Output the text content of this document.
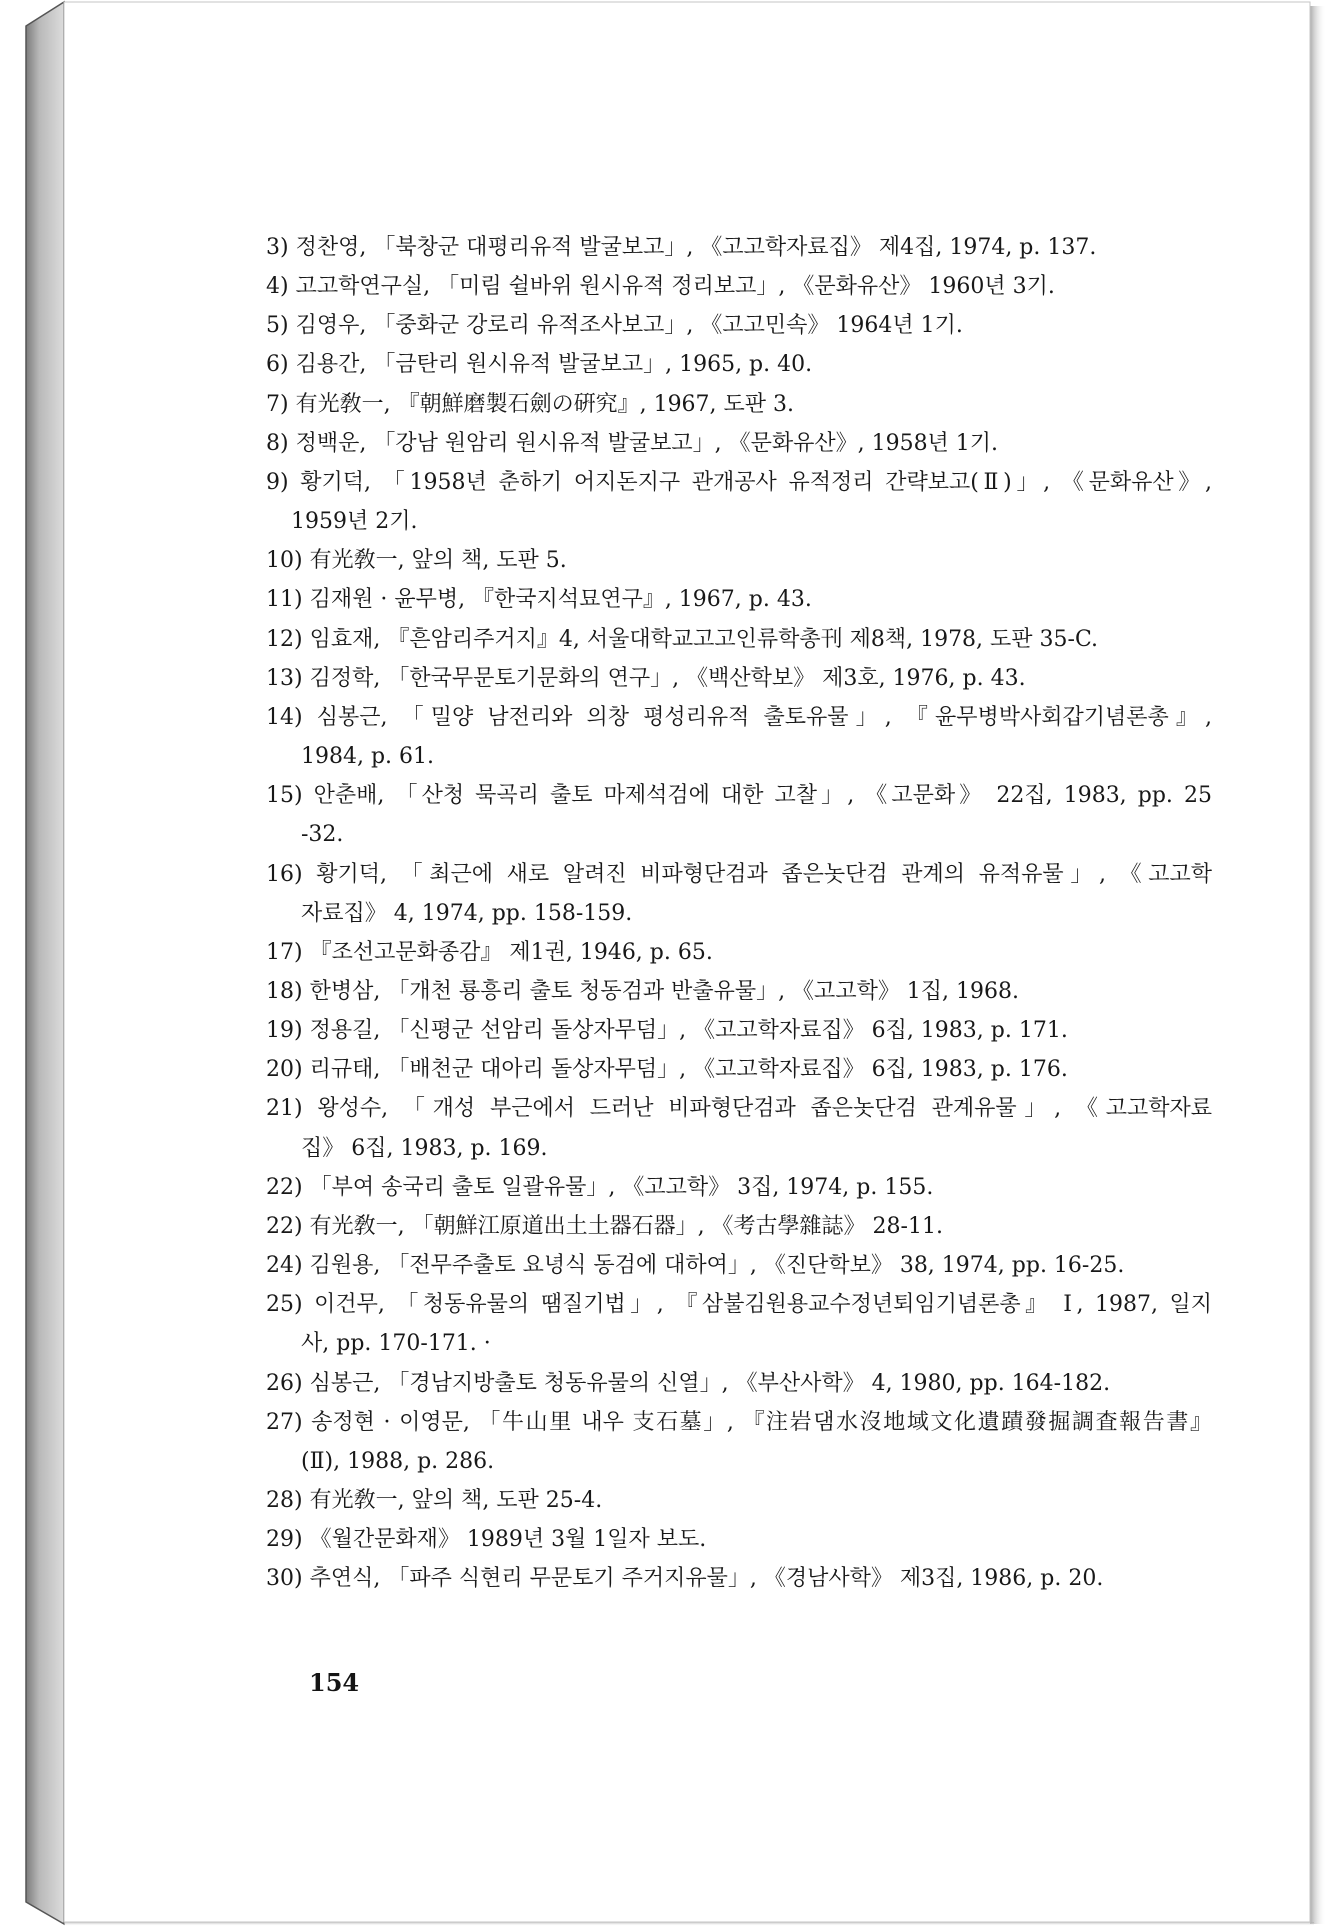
3) 정찬영, 「북창군 대평리유적 발굴보고」, 《고고학자료집》 제4집, 1974, p. 137.
4) 고고학연구실, 「미림 쉴바위 원시유적 정리보고」, 《문화유산》 1960년 3기.
5) 김영우, 「중화군 강로리 유적조사보고」, 《고고민속》 1964년 1기.
6) 김용간, 「금탄리 원시유적 발굴보고」, 1965, p. 40.
7) 有光敎一, 『朝鮮磨製石劍の硏究』, 1967, 도판 3.
8) 정백운, 「강남 원암리 원시유적 발굴보고」, 《문화유산》, 1958년 1기.
9) 황기덕, 「1958년 춘하기 어지돈지구 관개공사 유적정리 간략보고(Ⅱ)」, 《문화유산》,
1959년 2기.
10) 有光敎一, 앞의 책, 도판 5.
11) 김재원 · 윤무병, 『한국지석묘연구』, 1967, p. 43.
12) 임효재, 『흔암리주거지』4, 서울대학교고고인류학총刊 제8책, 1978, 도판 35-C.
13) 김정학, 「한국무문토기문화의 연구」, 《백산학보》 제3호, 1976, p. 43.
14) 심봉근, 「밀양 남전리와 의창 평성리유적 출토유물」, 『윤무병박사회갑기념론총』,
1984, p. 61.
15) 안춘배, 「산청 묵곡리 출토 마제석검에 대한 고찰」, 《고문화》 22집, 1983, pp. 25
-32.
16) 황기덕, 「최근에 새로 알려진 비파형단검과 좁은놋단검 관계의 유적유물」, 《고고학
자료집》 4, 1974, pp. 158-159.
17) 『조선고문화종감』 제1권, 1946, p. 65.
18) 한병삼, 「개천 룡흥리 출토 청동검과 반출유물」, 《고고학》 1집, 1968.
19) 정용길, 「신평군 선암리 돌상자무덤」, 《고고학자료집》 6집, 1983, p. 171.
20) 리규태, 「배천군 대아리 돌상자무덤」, 《고고학자료집》 6집, 1983, p. 176.
21) 왕성수, 「개성 부근에서 드러난 비파형단검과 좁은놋단검 관계유물」, 《고고학자료
집》 6집, 1983, p. 169.
22) 「부여 송국리 출토 일괄유물」, 《고고학》 3집, 1974, p. 155.
22) 有光敎一, 「朝鮮江原道出土土器石器」, 《考古學雜誌》 28-11.
24) 김원용, 「전무주출토 요녕식 동검에 대하여」, 《진단학보》 38, 1974, pp. 16-25.
25) 이건무, 「청동유물의 땜질기법」, 『삼불김원용교수정년퇴임기념론총』 Ⅰ, 1987, 일지
사, pp. 170-171. ·
26) 심봉근, 「경남지방출토 청동유물의 신열」, 《부산사학》 4, 1980, pp. 164-182.
27) 송정현 · 이영문, 「牛山里 내우 支石墓」, 『注岩댐水沒地域文化遺蹟發掘調査報告書』
(Ⅱ), 1988, p. 286.
28) 有光敎一, 앞의 책, 도판 25-4.
29) 《월간문화재》 1989년 3월 1일자 보도.
30) 추연식, 「파주 식현리 무문토기 주거지유물」, 《경남사학》 제3집, 1986, p. 20.
154
